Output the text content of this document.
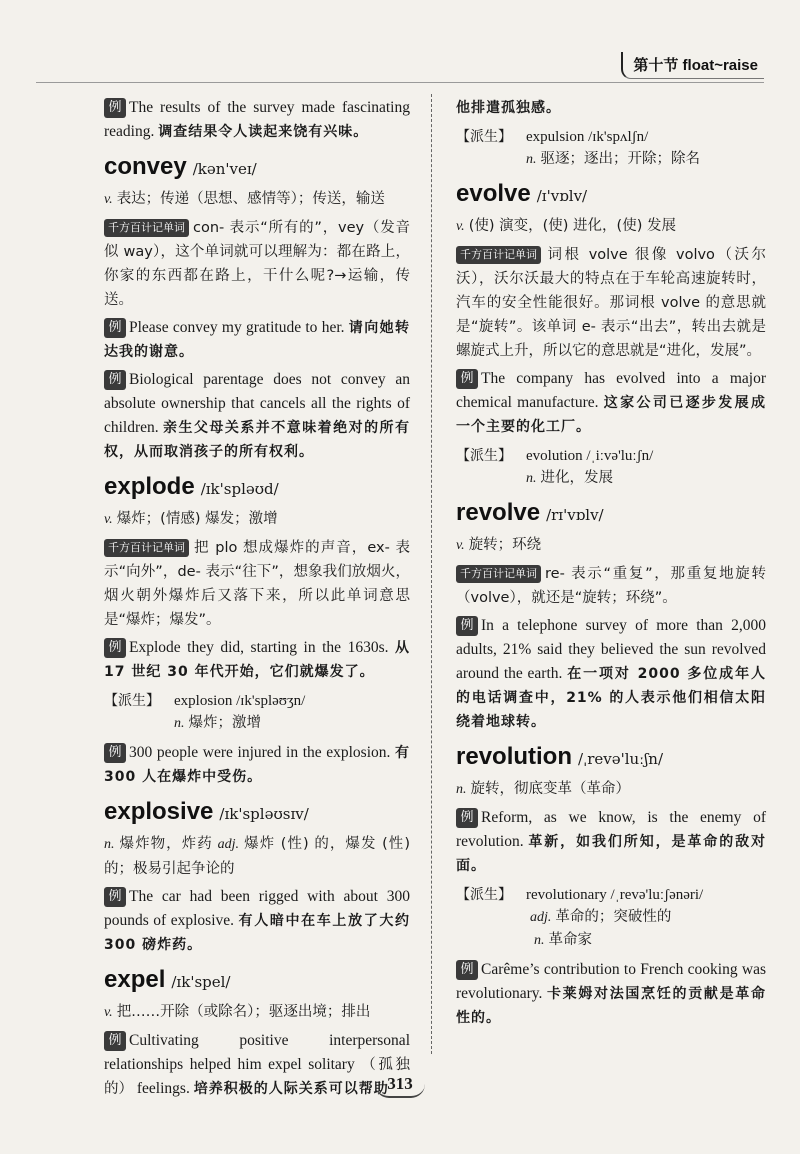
第十节 float~raise

例 The results of the survey made fascinating reading. 调查结果令人读起来饶有兴味。

convey /kən'veɪ/

v. 表达；传递（思想、感情等）；传送，输送

千方百计记单词 con- 表示“所有的”，vey（发音似 way），这个单词就可以理解为：都在路上，你家的东西都在路上，干什么呢?→运输，传送。

例 Please convey my gratitude to her. 请向她转达我的谢意。

例 Biological parentage does not convey an absolute ownership that cancels all the rights of children. 亲生父母关系并不意味着绝对的所有权，从而取消孩子的所有权利。

explode /ɪk'spləʊd/

v. 爆炸；(情感) 爆发；激增

千方百计记单词 把 plo 想成爆炸的声音，ex- 表示“向外”，de- 表示“往下”，想象我们放烟火，烟火朝外爆炸后又落下来，所以此单词意思是“爆炸；爆发”。

例 Explode they did, starting in the 1630s. 从 17 世纪 30 年代开始，它们就爆发了。

【派生】 explosion /ɪk'spləʊʒn/
n. 爆炸；激增

例 300 people were injured in the explosion. 有 300 人在爆炸中受伤。

explosive /ɪk'spləʊsɪv/

n. 爆炸物，炸药 adj. 爆炸 (性) 的，爆发 (性) 的；极易引起争论的

例 The car had been rigged with about 300 pounds of explosive. 有人暗中在车上放了大约 300 磅炸药。

expel /ɪk'spel/

v. 把……开除（或除名）；驱逐出境；排出

例 Cultivating positive interpersonal relationships helped him expel solitary （孤独的） feelings. 培养积极的人际关系可以帮助

他排遣孤独感。

【派生】 expulsion /ɪk'spʌlʃn/
n. 驱逐；逐出；开除；除名
evolve /ɪ'vɒlv/

v. (使) 演变，(使) 进化，(使) 发展

千方百计记单词 词根 volve 很像 volvo（沃尔沃），沃尔沃最大的特点在于车轮高速旋转时，汽车的安全性能很好。那词根 volve 的意思就是“旋转”。该单词 e- 表示“出去”，转出去就是螺旋式上升，所以它的意思就是“进化，发展”。

例 The company has evolved into a major chemical manufacture. 这家公司已逐步发展成一个主要的化工厂。

【派生】 evolution /ˌiːvə'luːʃn/
n. 进化，发展
revolve /rɪ'vɒlv/

v. 旋转；环绕

千方百计记单词 re- 表示“重复”，那重复地旋转（volve），就还是“旋转；环绕”。

例 In a telephone survey of more than 2,000 adults, 21% said they believed the sun revolved around the earth. 在一项对 2000 多位成年人的电话调查中，21% 的人表示他们相信太阳绕着地球转。

revolution /ˌrevə'luːʃn/

n. 旋转，彻底变革（革命）

例 Reform, as we know, is the enemy of revolution. 革新，如我们所知，是革命的敌对面。

【派生】 revolutionary /ˌrevə'luːʃənəri/
adj. 革命的；突破性的
n. 革命家

例 Carême’s contribution to French cooking was revolutionary. 卡莱姆对法国烹饪的贡献是革命性的。

313
